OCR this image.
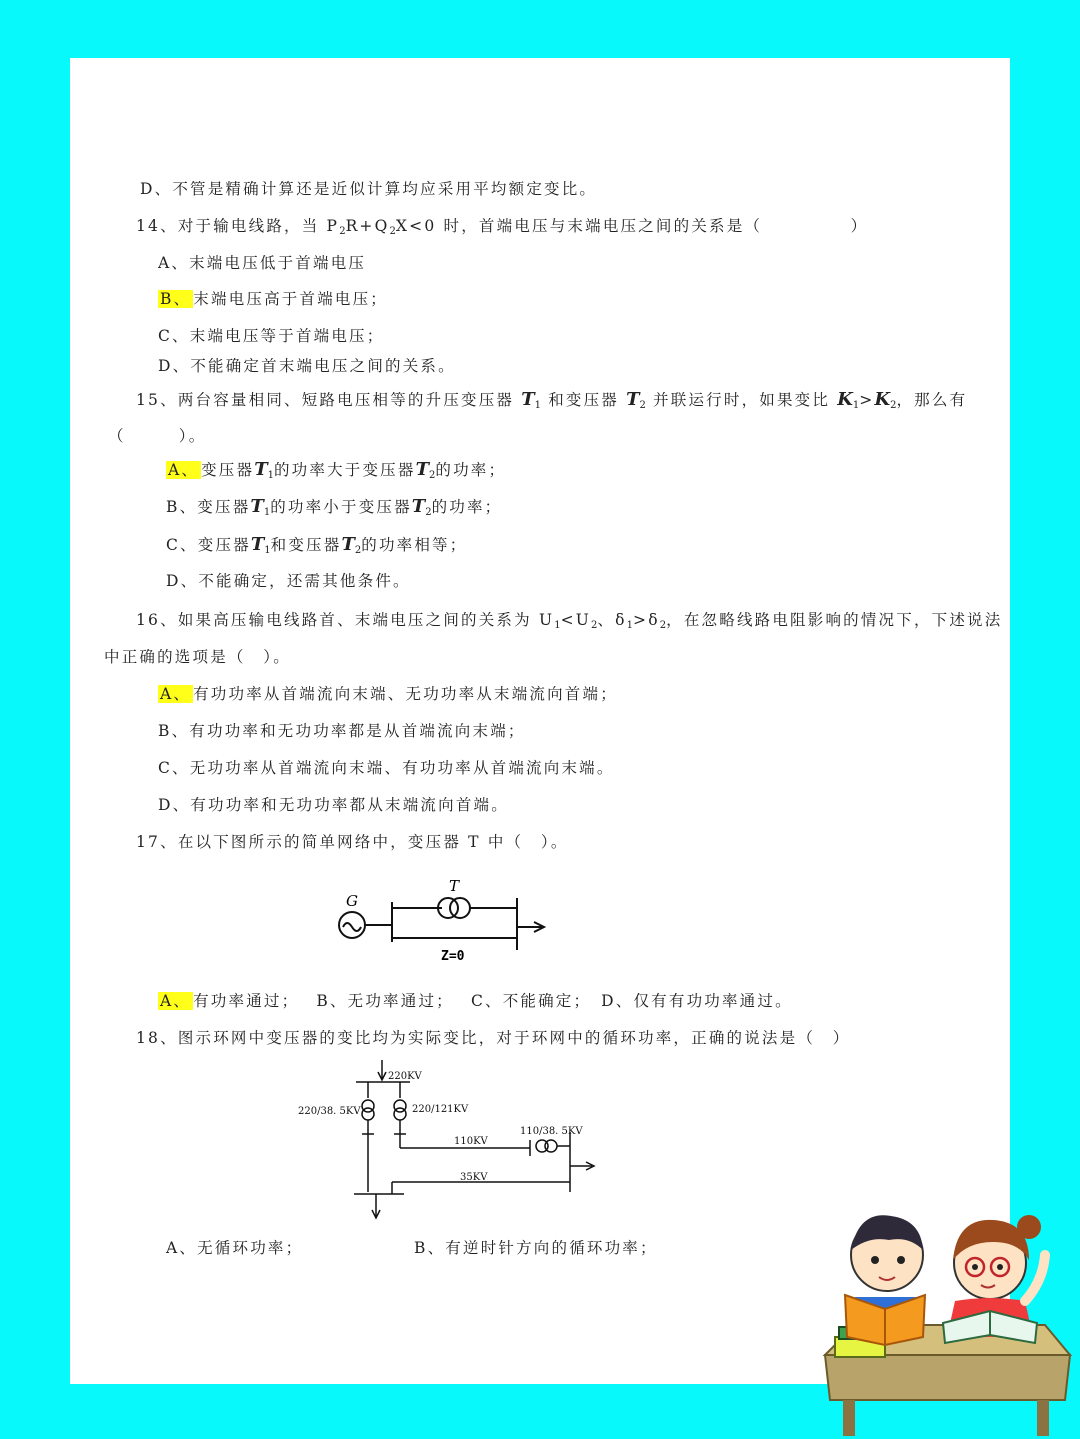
D、不管是精确计算还是近似计算均应采用平均额定变比。
14、对于输电线路，当 $P_2R+Q_2X<0$ 时，首端电压与末端电压之间的关系是（　　　　　）
A、末端电压低于首端电压
B、 末端电压高于首端电压；
C、末端电压等于首端电压；
D、不能确定首末端电压之间的关系。
15、两台容量相同、短路电压相等的升压变压器 $T_1$ 和变压器 $T_2$ 并联运行时，如果变比 $K_1>K_2$，那么有
（　　　）。
A、 变压器$T_1$的功率大于变压器$T_2$的功率；
B、变压器$T_1$的功率小于变压器$T_2$的功率；
C、变压器$T_1$和变压器$T_2$的功率相等；
D、不能确定，还需其他条件。
16、如果高压输电线路首、末端电压之间的关系为 $U_1<U_2$、$\delta_1>\delta_2$，在忽略线路电阻影响的情况下，下述说法
中正确的选项是（　）。
A、 有功功率从首端流向末端、无功功率从末端流向首端；
B、有功功率和无功功率都是从首端流向末端；
C、无功功率从首端流向末端、有功功率从首端流向末端。
D、有功功率和无功功率都从末端流向首端。
17、在以下图所示的简单网络中，变压器 T 中（　）。
G
T
Z=0
A、 有功率通过；　 B、无功率通过；　 C、不能确定；　D、仅有有功功率通过。
18、图示环网中变压器的变比均为实际变比，对于环网中的循环功率，正确的说法是（　）
220KV
220/38. 5KV	220/121KV
110/38. 5KV
110KV
35KV
A、无循环功率；	B、有逆时针方向的循环功率；
